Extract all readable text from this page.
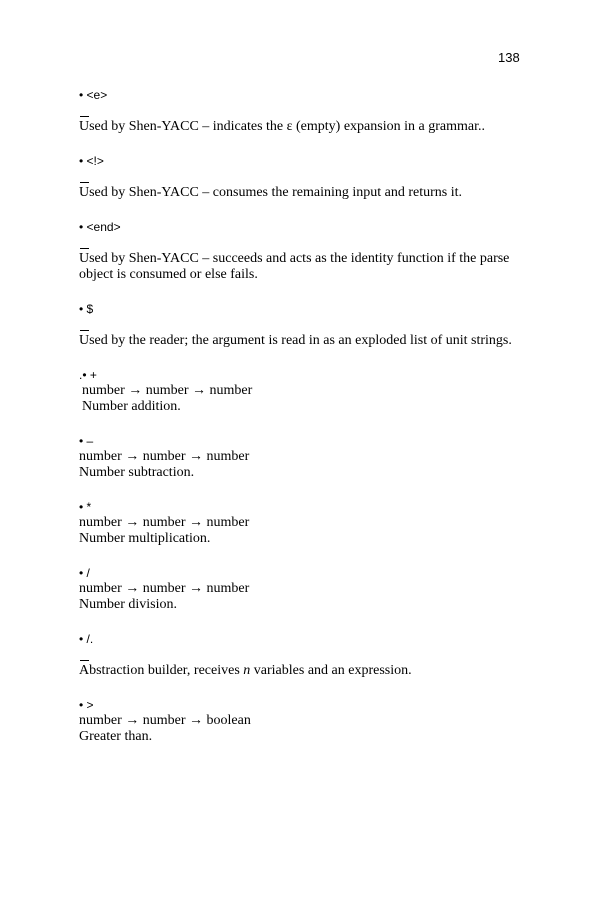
138
• <e>
Used by Shen-YACC – indicates the ε (empty) expansion in a grammar..
• <!>
Used by Shen-YACC – consumes the remaining input and returns it.
• <end>
Used by Shen-YACC – succeeds and acts as the identity function if the parse
object is consumed or else fails.
• $
Used by the reader; the argument is read in as an exploded list of unit strings.
.• +
number → number → number
Number addition.
• –
number → number → number
Number subtraction.
• *
number → number → number
Number multiplication.
• /
number → number → number
Number division.
• /.
Abstraction builder, receives n variables and an expression.
• >
number → number → boolean
Greater than.
